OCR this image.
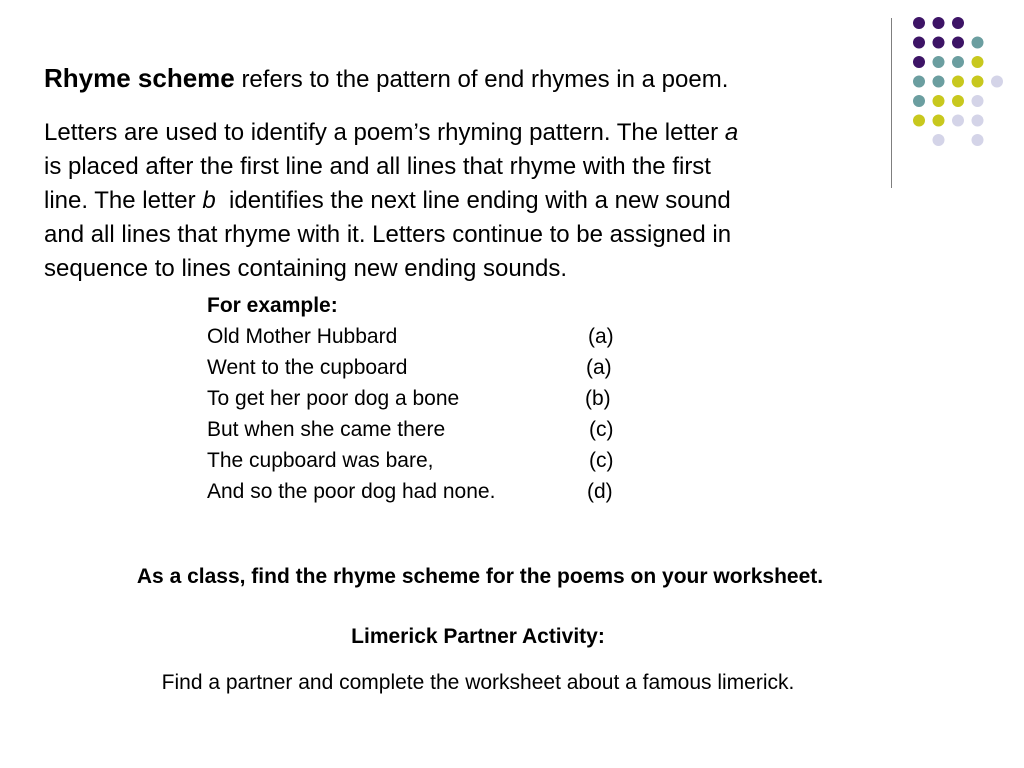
Rhyme scheme refers to the pattern of end rhymes in a poem.
Letters are used to identify a poem’s rhyming pattern. The letter a
is placed after the first line and all lines that rhyme with the first
line. The letter b  identifies the next line ending with a new sound
and all lines that rhyme with it. Letters continue to be assigned in
sequence to lines containing new ending sounds.
For example:
Old Mother Hubbard	(a)
Went to the cupboard	(a)
To get her poor dog a bone	(b)
But when she came there	(c)
The cupboard was bare,	(c)
And so the poor dog had none.	(d)
As a class, find the rhyme scheme for the poems on your worksheet.
Limerick Partner Activity:
Find a partner and complete the worksheet about a famous limerick.
